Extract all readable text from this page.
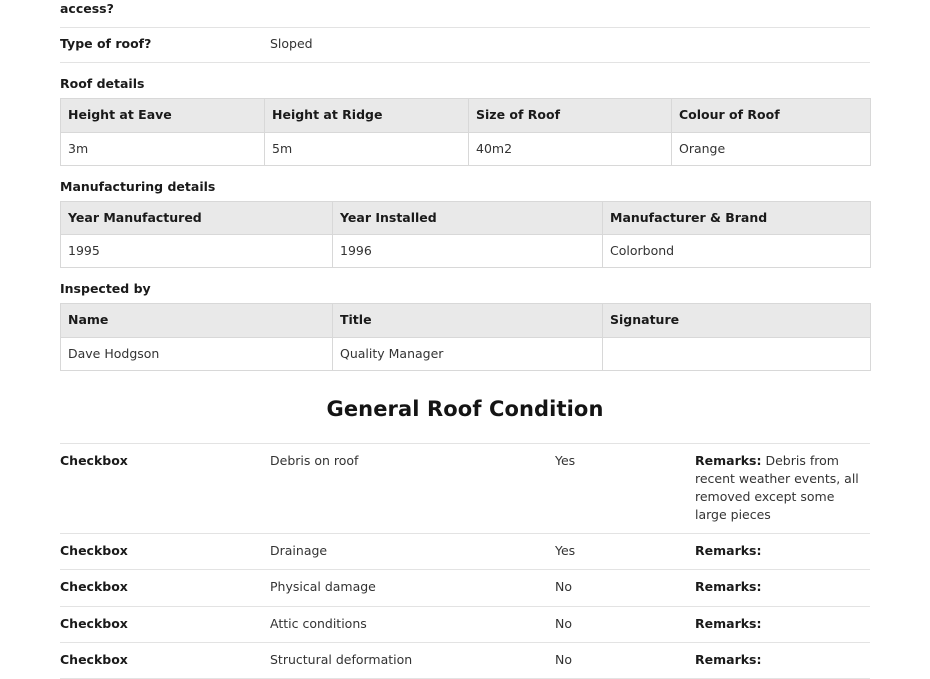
access?
Type of roof?	Sloped
Roof details
Height at Eave	Height at Ridge	Size of Roof	Colour of Roof
3m	5m	40m2	Orange
Manufacturing details
Year Manufactured	Year Installed	Manufacturer & Brand
1995	1996	Colorbond
Inspected by
Name	Title	Signature
Dave Hodgson	Quality Manager	
General Roof Condition
Checkbox	Debris on roof	Yes	Remarks: Debris from recent weather events, all removed except some large pieces
Checkbox	Drainage	Yes	Remarks:
Checkbox	Physical damage	No	Remarks:
Checkbox	Attic conditions	No	Remarks:
Checkbox	Structural deformation	No	Remarks:
